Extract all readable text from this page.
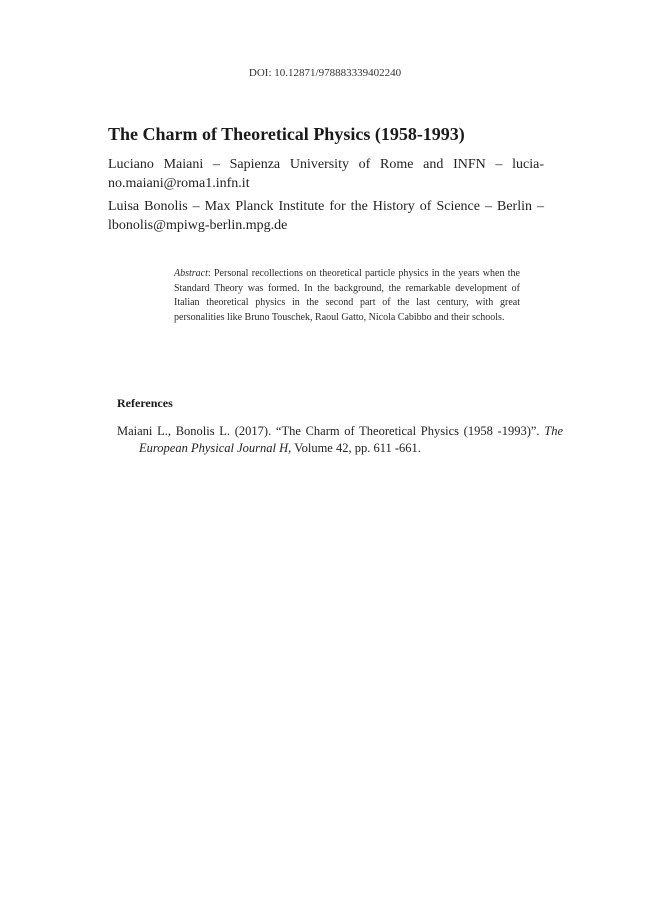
DOI: 10.12871/978883339402240
The Charm of Theoretical Physics (1958-1993)
Luciano Maiani – Sapienza University of Rome and INFN – lucia-
no.maiani@roma1.infn.it
Luisa Bonolis – Max Planck Institute for the History of Science – Berlin –
lbonolis@mpiwg-berlin.mpg.de
Abstract: Personal recollections on theoretical particle physics in the years when the Standard Theory was formed. In the background, the remarkable development of Italian theoretical physics in the second part of the last century, with great personalities like Bruno Touschek, Raoul Gatto, Nicola Cabibbo and their schools.
References
Maiani L., Bonolis L. (2017). “The Charm of Theoretical Physics (1958 -1993)”. The
European Physical Journal H, Volume 42, pp. 611 -661.
